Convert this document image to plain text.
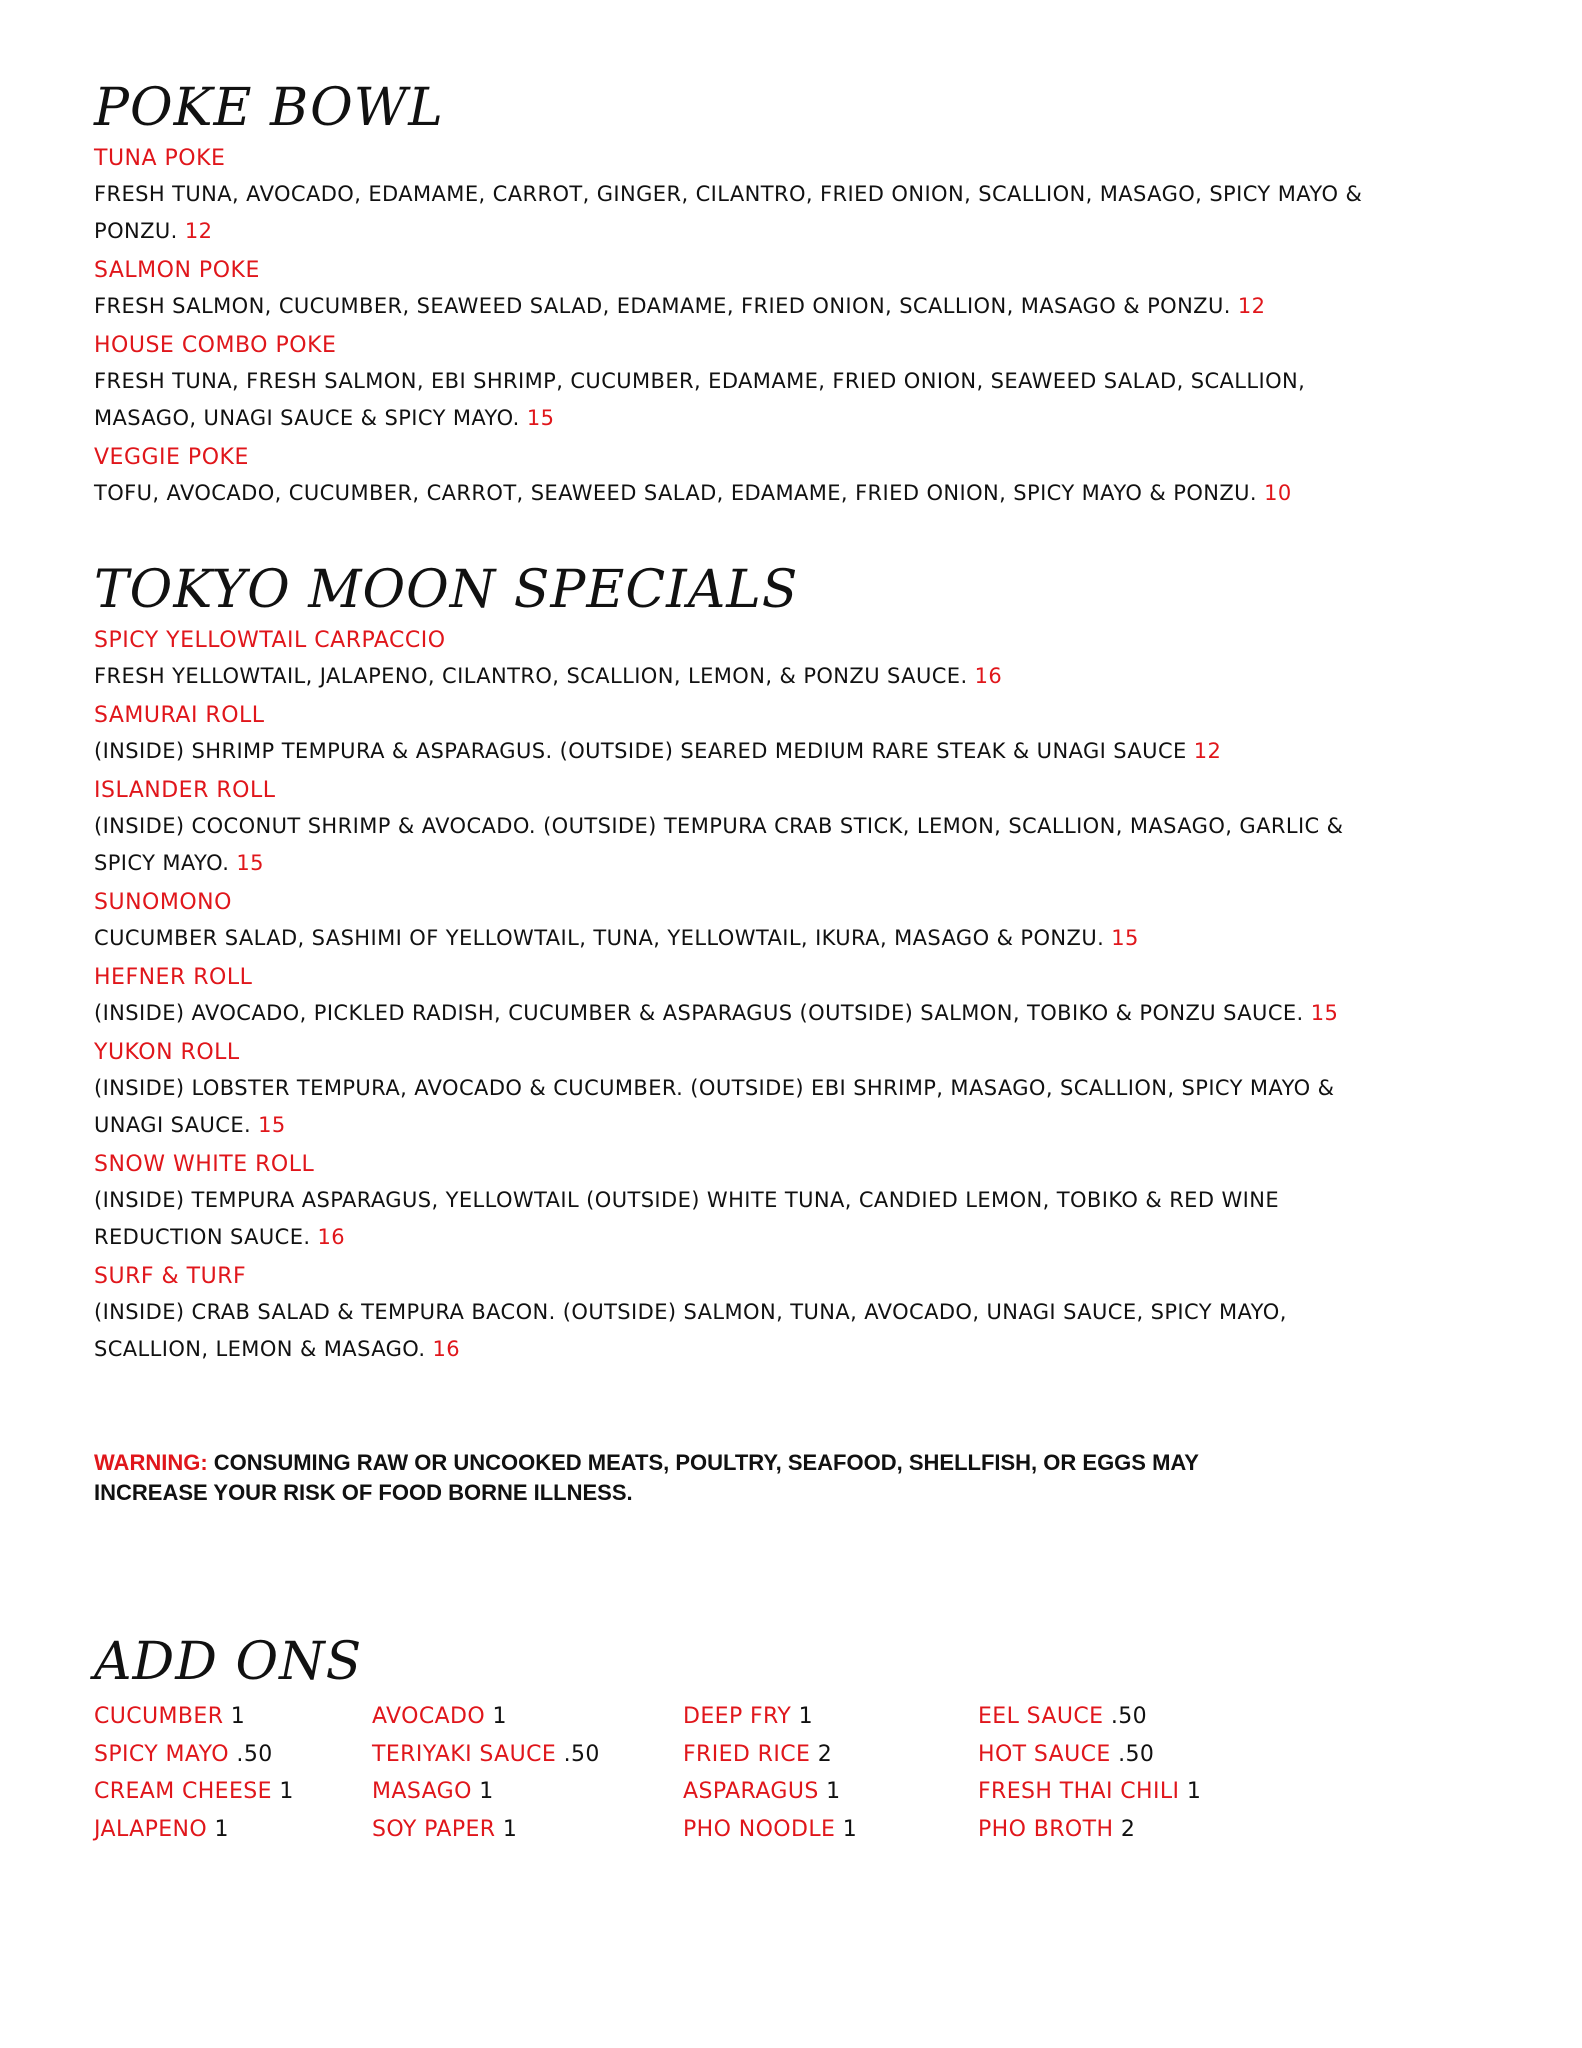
POKE BOWL
TUNA POKE

FRESH TUNA, AVOCADO, EDAMAME, CARROT, GINGER, CILANTRO, FRIED ONION, SCALLION, MASAGO, SPICY MAYO & PONZU. 12

SALMON POKE

FRESH SALMON, CUCUMBER, SEAWEED SALAD, EDAMAME, FRIED ONION, SCALLION, MASAGO & PONZU. 12

HOUSE COMBO POKE

FRESH TUNA, FRESH SALMON, EBI SHRIMP, CUCUMBER, EDAMAME, FRIED ONION, SEAWEED SALAD, SCALLION, MASAGO, UNAGI SAUCE & SPICY MAYO. 15

VEGGIE POKE

TOFU, AVOCADO, CUCUMBER, CARROT, SEAWEED SALAD, EDAMAME, FRIED ONION, SPICY MAYO & PONZU. 10

TOKYO MOON SPECIALS
SPICY YELLOWTAIL CARPACCIO

FRESH YELLOWTAIL, JALAPENO, CILANTRO, SCALLION, LEMON, & PONZU SAUCE. 16

SAMURAI ROLL

(INSIDE) SHRIMP TEMPURA & ASPARAGUS. (OUTSIDE) SEARED MEDIUM RARE STEAK & UNAGI SAUCE 12

ISLANDER ROLL

(INSIDE) COCONUT SHRIMP & AVOCADO. (OUTSIDE) TEMPURA CRAB STICK, LEMON, SCALLION, MASAGO, GARLIC & SPICY MAYO. 15

SUNOMONO

CUCUMBER SALAD, SASHIMI OF YELLOWTAIL, TUNA, YELLOWTAIL, IKURA, MASAGO & PONZU. 15

HEFNER ROLL

(INSIDE) AVOCADO, PICKLED RADISH, CUCUMBER & ASPARAGUS (OUTSIDE) SALMON, TOBIKO & PONZU SAUCE. 15

YUKON ROLL

(INSIDE) LOBSTER TEMPURA, AVOCADO & CUCUMBER. (OUTSIDE) EBI SHRIMP, MASAGO, SCALLION, SPICY MAYO & UNAGI SAUCE. 15

SNOW WHITE ROLL

(INSIDE) TEMPURA ASPARAGUS, YELLOWTAIL (OUTSIDE) WHITE TUNA, CANDIED LEMON, TOBIKO & RED WINE REDUCTION SAUCE. 16

SURF & TURF

(INSIDE) CRAB SALAD & TEMPURA BACON. (OUTSIDE) SALMON, TUNA, AVOCADO, UNAGI SAUCE, SPICY MAYO, SCALLION, LEMON & MASAGO. 16

WARNING: CONSUMING RAW OR UNCOOKED MEATS, POULTRY, SEAFOOD, SHELLFISH, OR EGGS MAY INCREASE YOUR RISK OF FOOD BORNE ILLNESS.

ADD ONS
CUCUMBER 1	AVOCADO 1	DEEP FRY 1	EEL SAUCE .50
SPICY MAYO .50	TERIYAKI SAUCE .50	FRIED RICE 2	HOT SAUCE .50
CREAM CHEESE 1	MASAGO 1	ASPARAGUS 1	FRESH THAI CHILI 1
JALAPENO 1	SOY PAPER 1	PHO NOODLE 1	PHO BROTH 2
